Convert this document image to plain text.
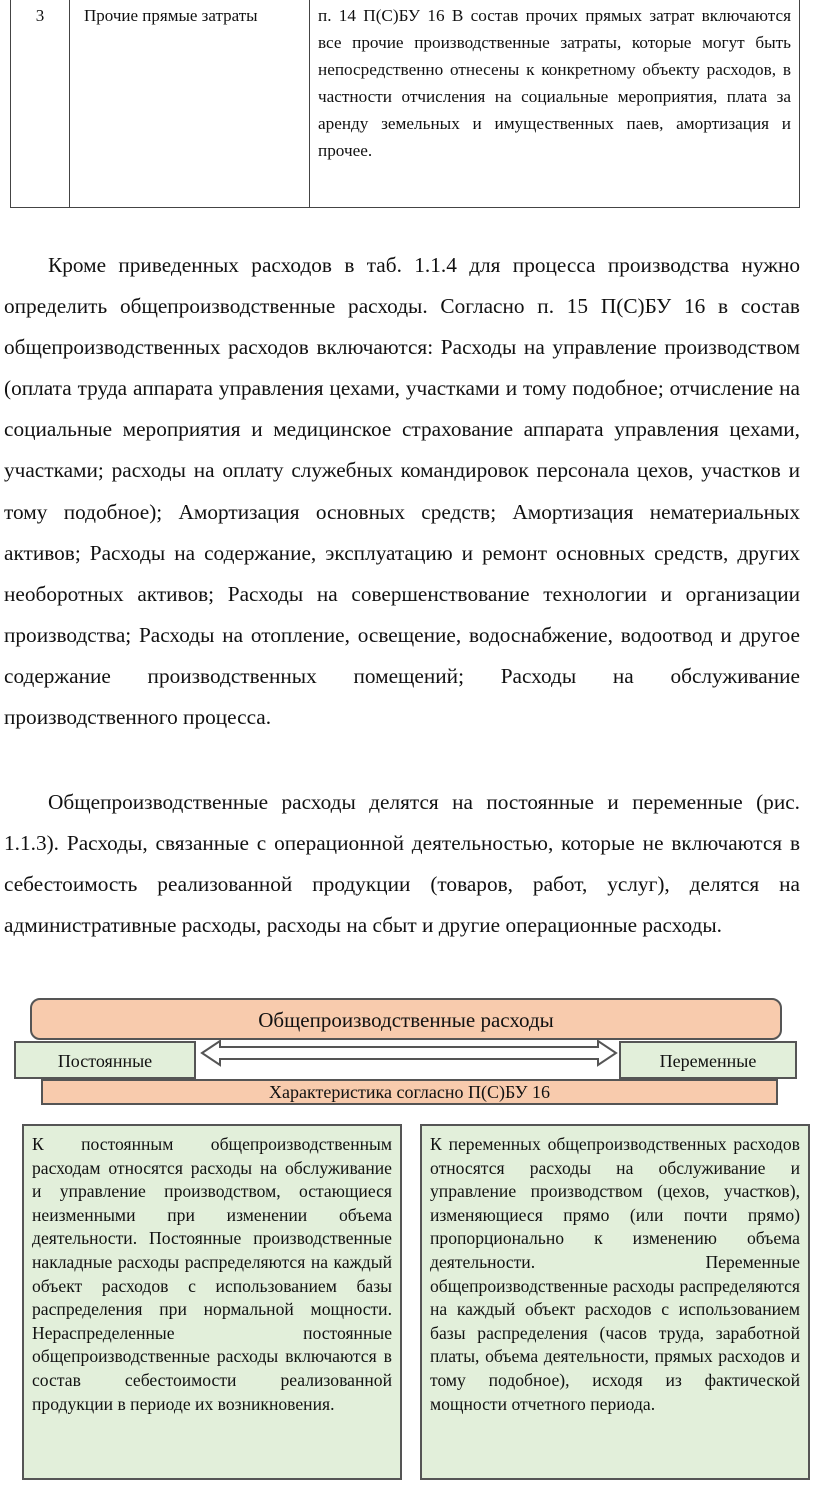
3	Прочие прямые затраты	п. 14 П(С)БУ 16 В состав прочих прямых затрат включаются все прочие производственные затраты, которые могут быть непосредственно отнесены к конкретному объекту расходов, в частности отчисления на социальные мероприятия, плата за аренду земельных и имущественных паев, амортизация и прочее.

Кроме приведенных расходов в таб. 1.1.4 для процесса производства нужно определить общепроизводственные расходы. Согласно п. 15 П(С)БУ 16 в состав общепроизводственных расходов включаются: Расходы на управление производством (оплата труда аппарата управления цехами, участками и тому подобное; отчисление на социальные мероприятия и медицинское страхование аппарата управления цехами, участками; расходы на оплату служебных командировок персонала цехов, участков и тому подобное); Амортизация основных средств; Амортизация нематериальных активов; Расходы на содержание, эксплуатацию и ремонт основных средств, других необоротных активов; Расходы на совершенствование технологии и организации производства; Расходы на отопление, освещение, водоснабжение, водоотвод и другое содержание производственных помещений; Расходы на обслуживание производственного процесса.

Общепроизводственные расходы делятся на постоянные и переменные (рис. 1.1.3). Расходы, связанные с операционной деятельностью, которые не включаются в себестоимость реализованной продукции (товаров, работ, услуг), делятся на административные расходы, расходы на сбыт и другие операционные расходы.

Общепроизводственные расходы
Характеристика согласно П(С)БУ 16
Постоянные	Переменные
К постоянным общепроизводственным расходам относятся расходы на обслуживание и управление производством, остающиеся неизменными при изменении объема деятельности. Постоянные производственные накладные расходы распределяются на каждый объект расходов с использованием базы распределения при нормальной мощности. Нераспределенные постоянные общепроизводственные расходы включаются в состав себестоимости реализованной продукции в периоде их возникновения.
К переменных общепроизводственных расходов относятся расходы на обслуживание и управление производством (цехов, участков), изменяющиеся прямо (или почти прямо) пропорционально к изменению объема деятельности. Переменные общепроизводственные расходы распределяются на каждый объект расходов с использованием базы распределения (часов труда, заработной платы, объема деятельности, прямых расходов и тому подобное), исходя из фактической мощности отчетного периода.
